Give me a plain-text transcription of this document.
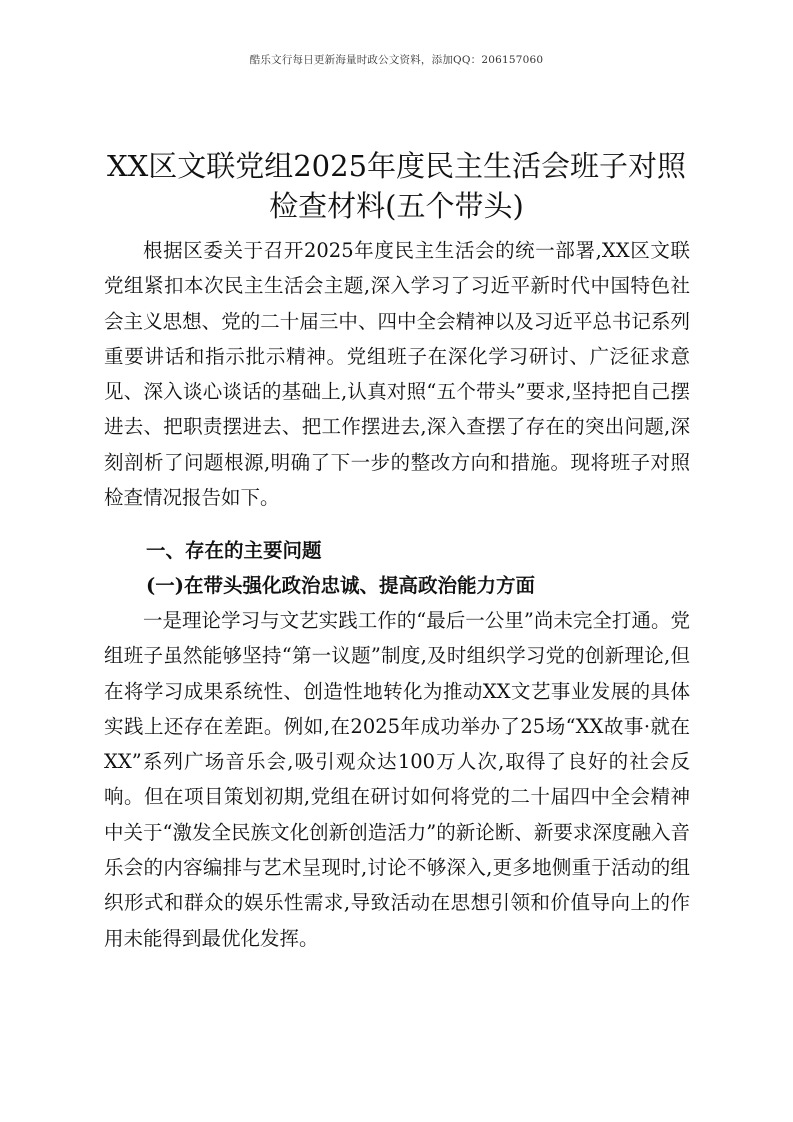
酷乐文行每日更新海量时政公文资料，添加QQ：206157060
XX区文联党组2025年度民主生活会班子对照
检查材料(五个带头)

根据区委关于召开2025年度民主生活会的统一部署,XX区文联党组紧扣本次民主生活会主题,深入学习了习近平新时代中国特色社会主义思想、党的二十届三中、四中全会精神以及习近平总书记系列重要讲话和指示批示精神。党组班子在深化学习研讨、广泛征求意见、深入谈心谈话的基础上,认真对照“五个带头”要求,坚持把自己摆进去、把职责摆进去、把工作摆进去,深入查摆了存在的突出问题,深刻剖析了问题根源,明确了下一步的整改方向和措施。现将班子对照检查情况报告如下。

一、存在的主要问题
(一)在带头强化政治忠诚、提高政治能力方面

一是理论学习与文艺实践工作的“最后一公里”尚未完全打通。党组班子虽然能够坚持“第一议题”制度,及时组织学习党的创新理论,但在将学习成果系统性、创造性地转化为推动XX文艺事业发展的具体实践上还存在差距。例如,在2025年成功举办了25场“XX故事·就在XX”系列广场音乐会,吸引观众达100万人次,取得了良好的社会反响。但在项目策划初期,党组在研讨如何将党的二十届四中全会精神中关于“激发全民族文化创新创造活力”的新论断、新要求深度融入音乐会的内容编排与艺术呈现时,讨论不够深入,更多地侧重于活动的组织形式和群众的娱乐性需求,导致活动在思想引领和价值导向上的作用未能得到最优化发挥。
